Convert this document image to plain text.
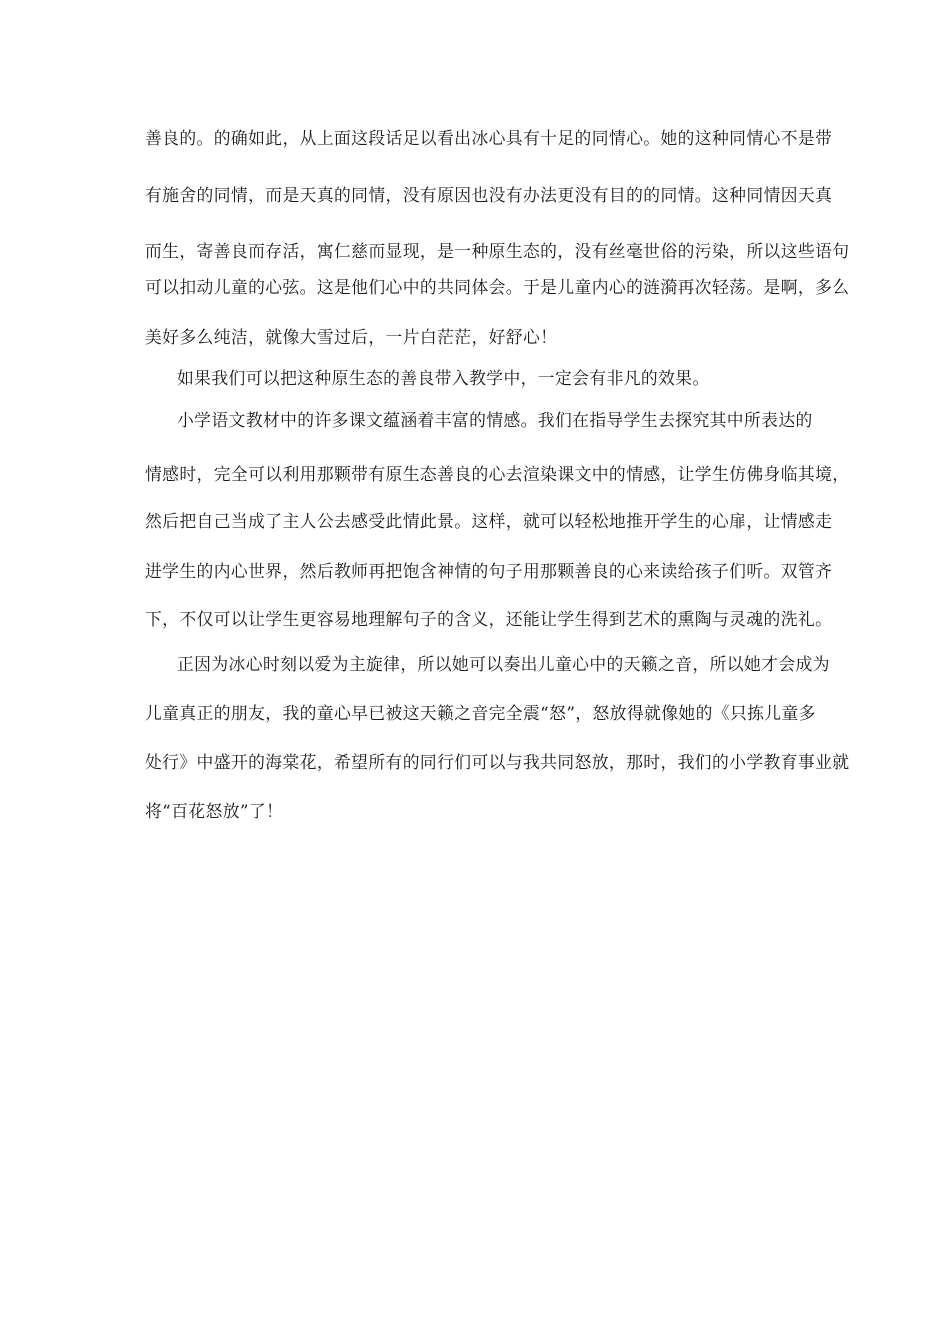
善良的。的确如此，从上面这段话足以看出冰心具有十足的同情心。她的这种同情心不是带
有施舍的同情，而是天真的同情，没有原因也没有办法更没有目的的同情。这种同情因天真
而生，寄善良而存活，寓仁慈而显现，是一种原生态的，没有丝毫世俗的污染，所以这些语句
可以扣动儿童的心弦。这是他们心中的共同体会。于是儿童内心的涟漪再次轻荡。是啊，多么
美好多么纯洁，就像大雪过后，一片白茫茫，好舒心！
如果我们可以把这种原生态的善良带入教学中，一定会有非凡的效果。
小学语文教材中的许多课文蕴涵着丰富的情感。我们在指导学生去探究其中所表达的
情感时，完全可以利用那颗带有原生态善良的心去渲染课文中的情感，让学生仿佛身临其境，
然后把自己当成了主人公去感受此情此景。这样，就可以轻松地推开学生的心扉，让情感走
进学生的内心世界，然后教师再把饱含神情的句子用那颗善良的心来读给孩子们听。双管齐
下，不仅可以让学生更容易地理解句子的含义，还能让学生得到艺术的熏陶与灵魂的洗礼。
正因为冰心时刻以爱为主旋律，所以她可以奏出儿童心中的天籁之音，所以她才会成为
儿童真正的朋友，我的童心早已被这天籁之音完全震“怒”，怒放得就像她的《只拣儿童多
处行》中盛开的海棠花，希望所有的同行们可以与我共同怒放，那时，我们的小学教育事业就
将“百花怒放”了！
